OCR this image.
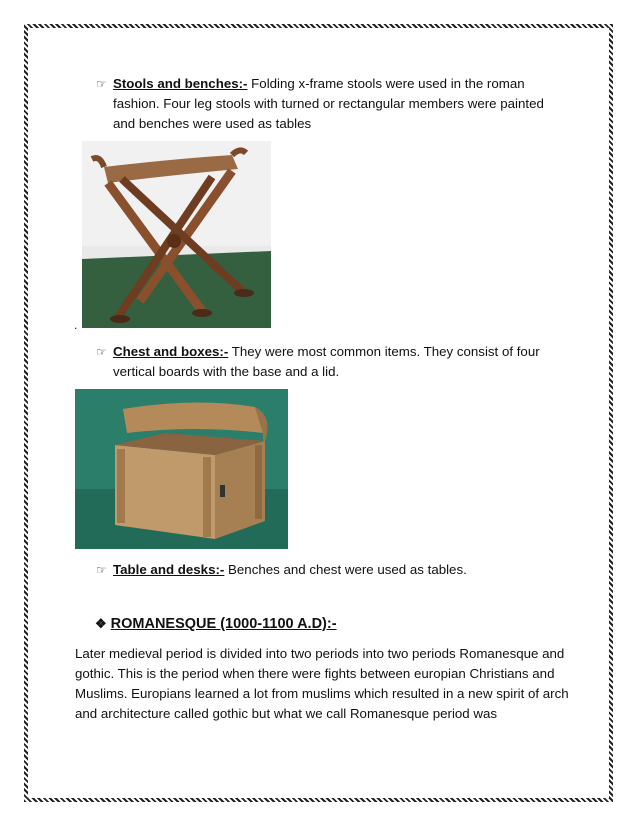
☞ Stools and benches:- Folding x-frame stools were used in the roman fashion. Four leg stools with turned or rectangular members were painted and benches were used as tables
.
☞ Chest and boxes:- They were most common items. They consist of four vertical boards with the base and a lid.
☞ Table and desks:- Benches and chest were used as tables.
❖ ROMANESQUE (1000-1100 A.D):-
Later medieval period is divided into two periods into two periods Romanesque and gothic. This is the period when there were fights between europian Christians and Muslims. Europians learned a lot from muslims which resulted in a new spirit of arch and architecture called gothic but what we call Romanesque period was
